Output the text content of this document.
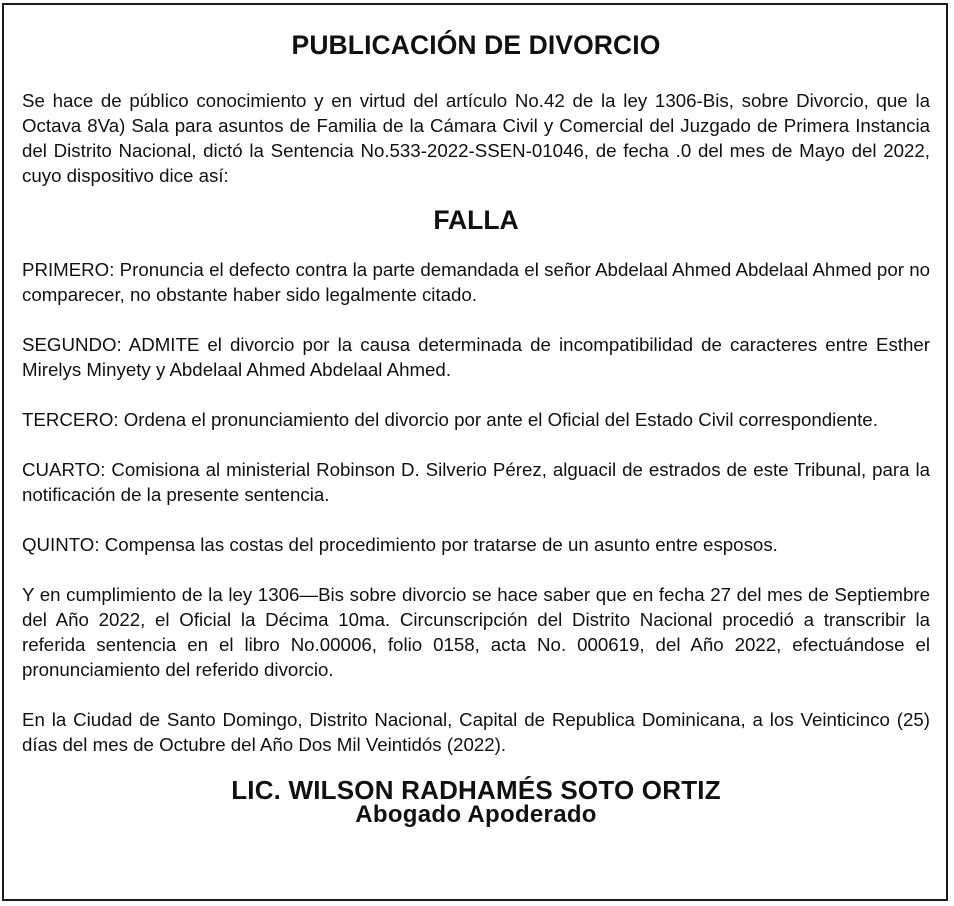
PUBLICACIÓN DE DIVORCIO

Se hace de público conocimiento y en virtud del artículo No.42 de la ley 1306-Bis, sobre Divorcio, que la Octava 8Va) Sala para asuntos de Familia de la Cámara Civil y Comercial del Juzgado de Primera Instancia del Distrito Nacional, dictó la Sentencia No.533-2022-SSEN-01046, de fecha .0 del mes de Mayo del 2022, cuyo dispositivo dice así:

FALLA

PRIMERO: Pronuncia el defecto contra la parte demandada el señor Abdelaal Ahmed Abdelaal Ahmed por no comparecer, no obstante haber sido legalmente citado.

SEGUNDO: ADMITE el divorcio por la causa determinada de incompatibilidad de caracteres entre Esther Mirelys Minyety y Abdelaal Ahmed Abdelaal Ahmed.

TERCERO: Ordena el pronunciamiento del divorcio por ante el Oficial del Estado Civil correspondiente.

CUARTO: Comisiona al ministerial Robinson D. Silverio Pérez, alguacil de estrados de este Tribunal, para la notificación de la presente sentencia.

QUINTO: Compensa las costas del procedimiento por tratarse de un asunto entre esposos.

Y en cumplimiento de la ley 1306—Bis sobre divorcio se hace saber que en fecha 27 del mes de Septiembre del Año 2022, el Oficial la Décima 10ma. Circunscripción del Distrito Nacional procedió a transcribir la referida sentencia en el libro No.00006, folio 0158, acta No. 000619, del Año 2022, efectuándose el pronunciamiento del referido divorcio.

En la Ciudad de Santo Domingo, Distrito Nacional, Capital de Republica Dominicana, a los Veinticinco (25) días del mes de Octubre del Año Dos Mil Veintidós (2022).

LIC. WILSON RADHAMÉS SOTO ORTIZ
Abogado Apoderado
